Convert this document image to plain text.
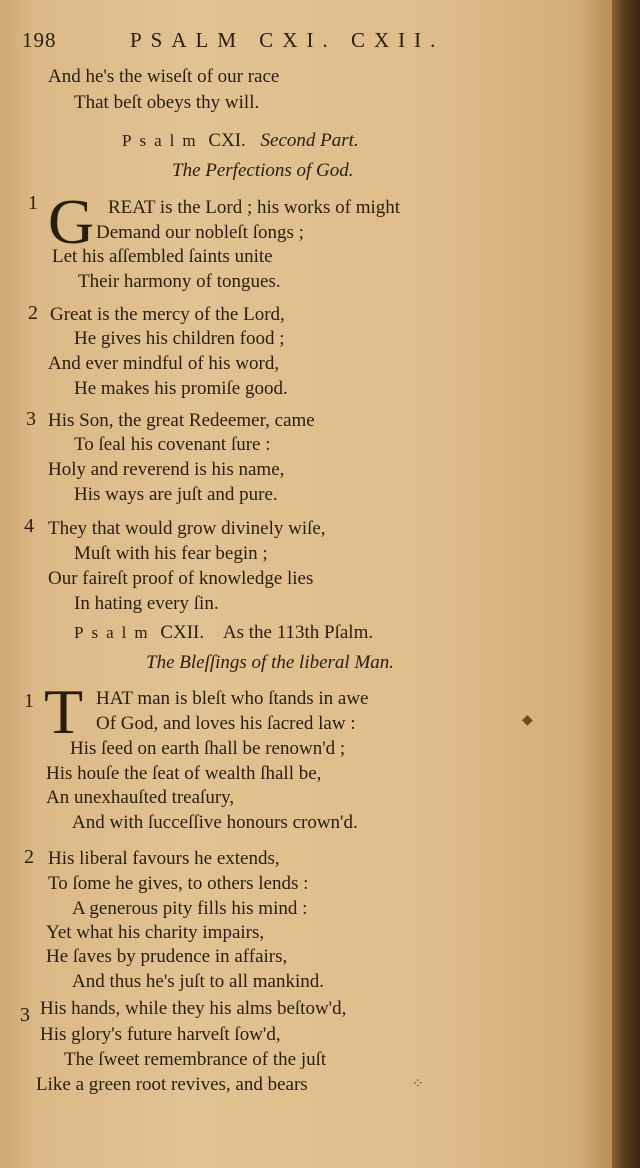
198	PSALM CXI. CXII.
And he's the wiseſt of our race
That beſt obeys thy will.
Psalm CXI. Second Part.
The Perfections of God.
1 G REAT is the Lord ; his works of might
Demand our nobleſt ſongs ;
Let his aſſembled ſaints unite
Their harmony of tongues.
2 Great is the mercy of the Lord,
He gives his children food ;
And ever mindful of his word,
He makes his promiſe good.
3 His Son, the great Redeemer, came
To ſeal his covenant ſure :
Holy and reverend is his name,
His ways are juſt and pure.
4 They that would grow divinely wiſe,
Muſt with his fear begin ;
Our faireſt proof of knowledge lies
In hating every ſin.
Psalm CXII. As the 113th Pſalm.
The Bleſſings of the liberal Man.
1 T HAT man is bleſt who ſtands in awe
Of God, and loves his ſacred law :
His ſeed on earth ſhall be renown'd ;
His houſe the ſeat of wealth ſhall be,
An unexhauſted treaſury,
And with ſucceſſive honours crown'd.
2 His liberal favours he extends,
To ſome he gives, to others lends :
A generous pity fills his mind :
Yet what his charity impairs,
He ſaves by prudence in affairs,
And thus he's juſt to all mankind.
3 His hands, while they his alms beſtow'd,
His glory's future harveſt ſow'd,
The ſweet remembrance of the juſt
Like a green root revives, and bears
◆
⁘
